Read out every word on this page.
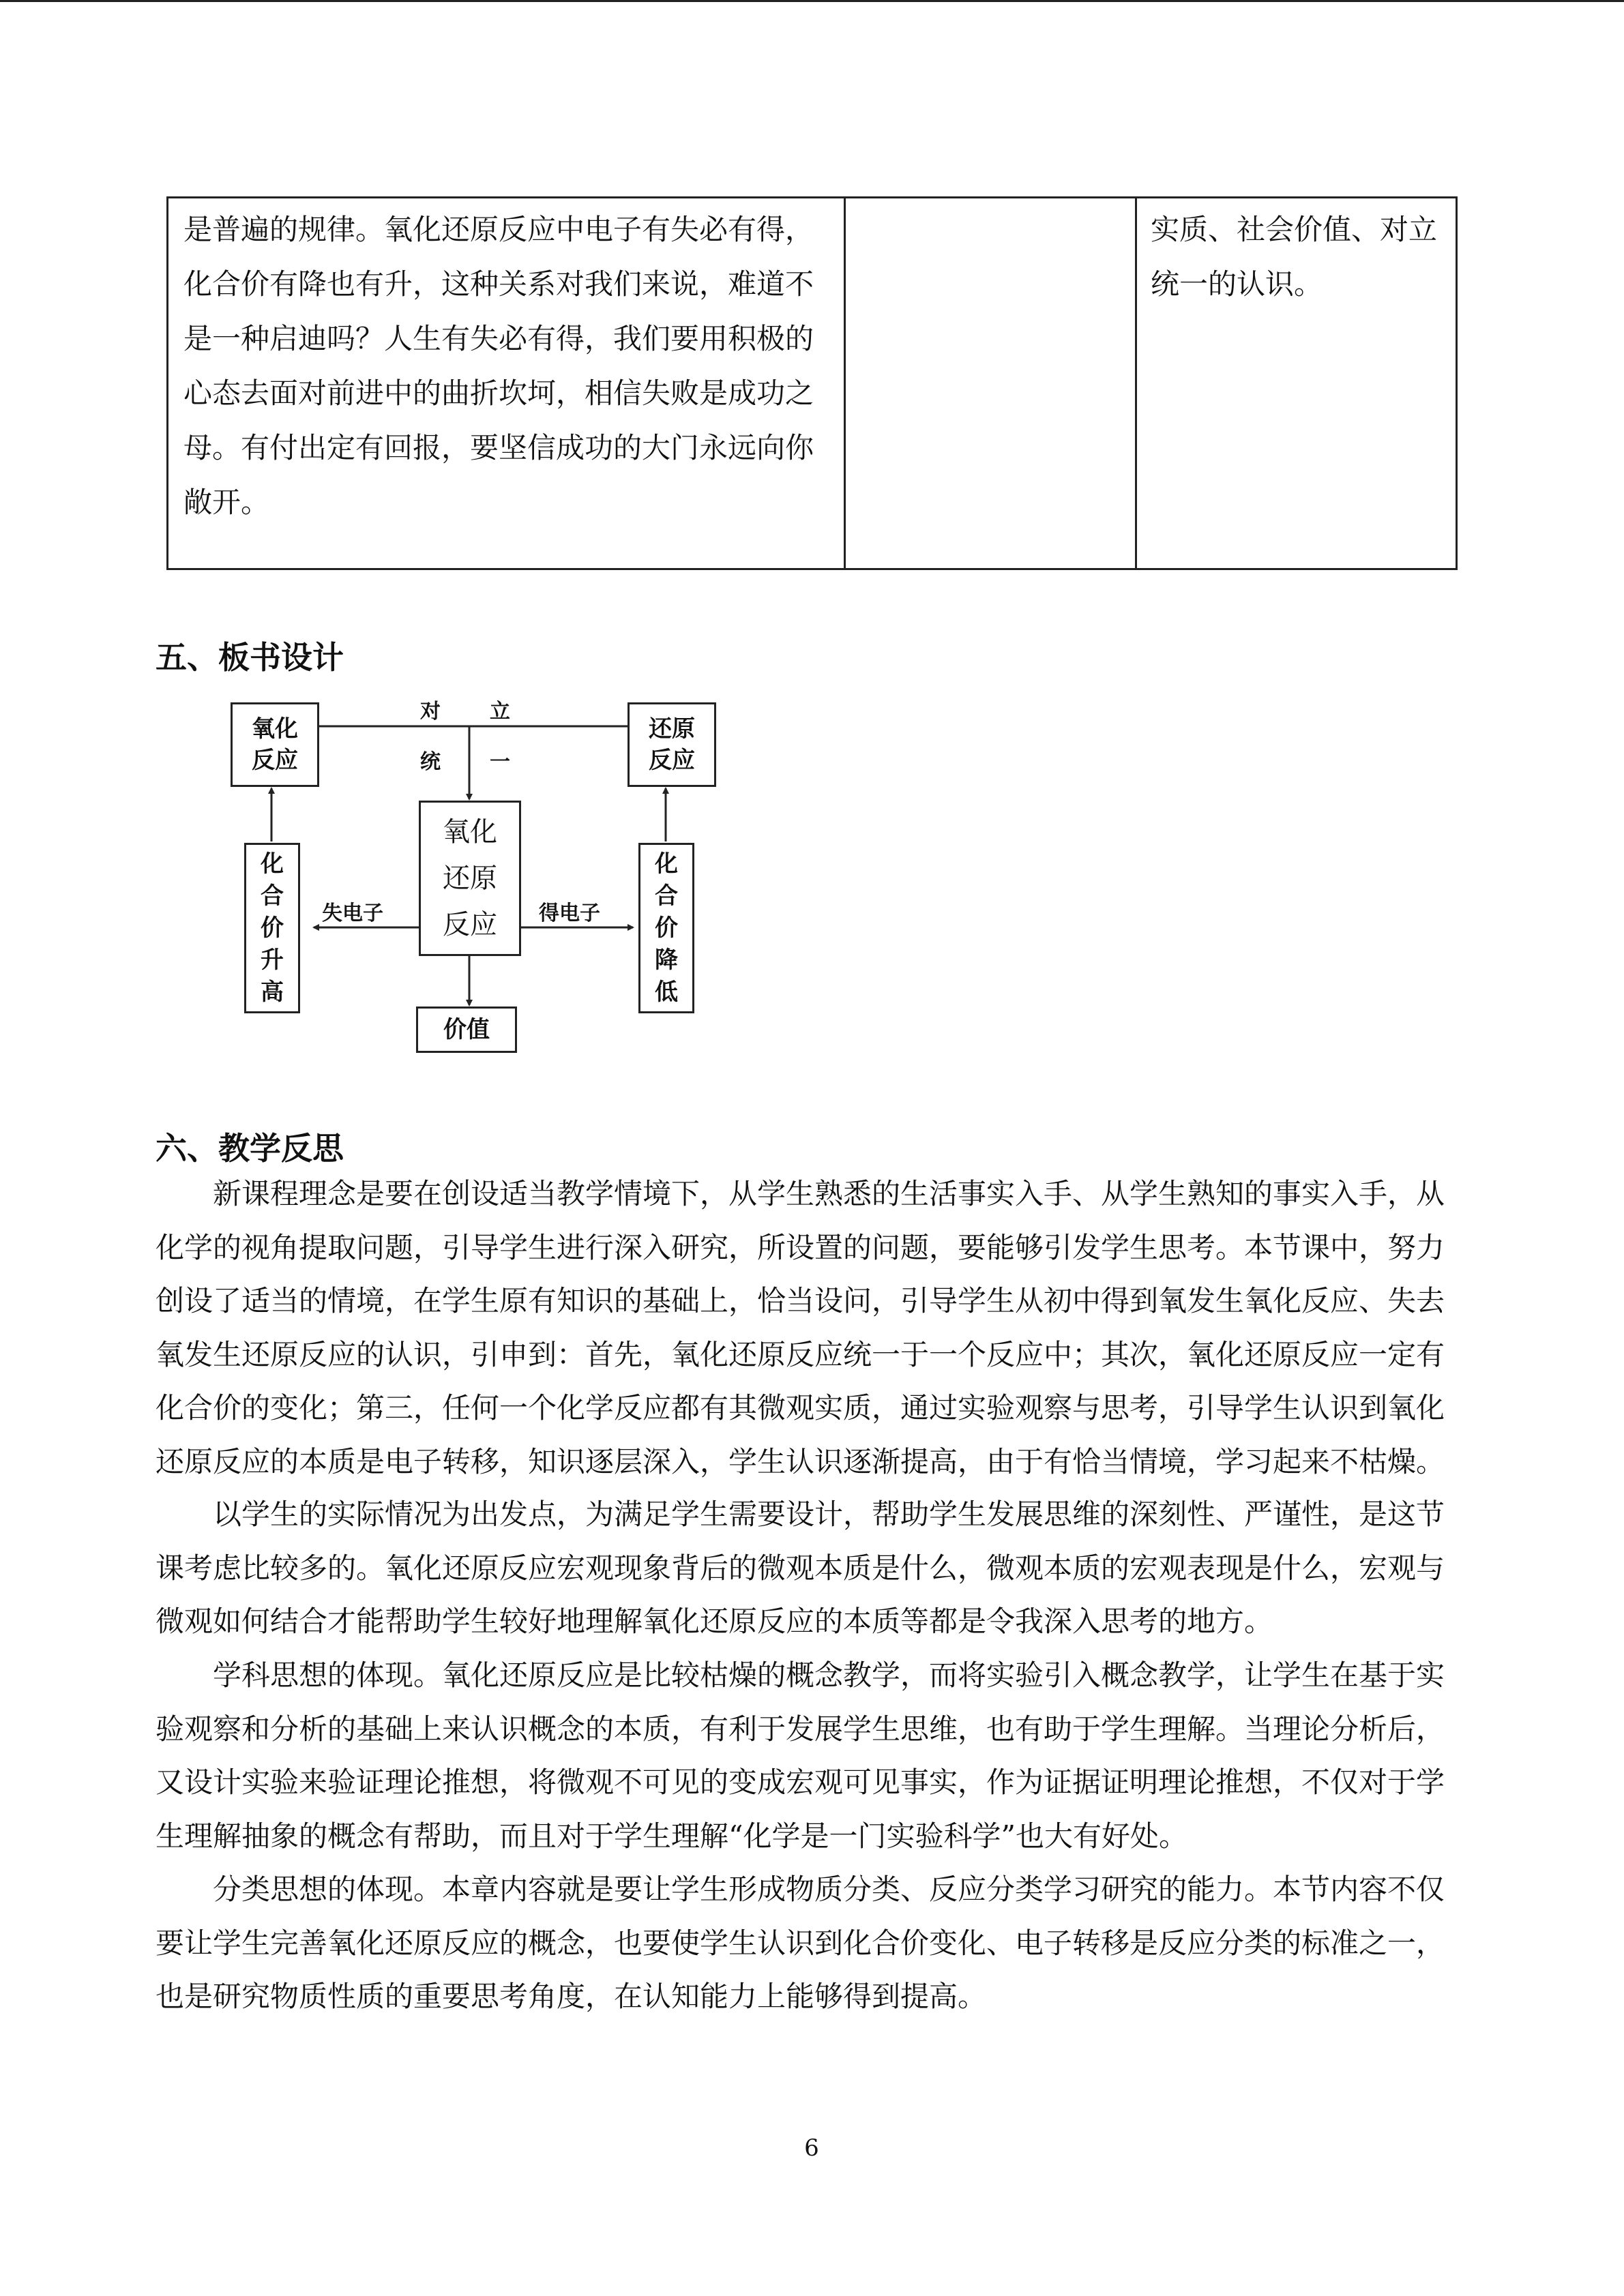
是普遍的规律。氧化还原反应中电子有失必有得，
化合价有降也有升，这种关系对我们来说，难道不
是一种启迪吗？人生有失必有得，我们要用积极的
心态去面对前进中的曲折坎坷，相信失败是成功之
母。有付出定有回报，要坚信成功的大门永远向你
敞开。
实质、社会价值、对立
统一的认识。
五、板书设计
氧化
反应
还原
反应
对 立
统 一
氧化
还原
反应
化
合
价
升
高
化
合
价
降
低
失电子	得电子
价值
六、教学反思
新课程理念是要在创设适当教学情境下，从学生熟悉的生活事实入手、从学生熟知的事实入手，从
化学的视角提取问题，引导学生进行深入研究，所设置的问题，要能够引发学生思考。本节课中，努力
创设了适当的情境，在学生原有知识的基础上，恰当设问，引导学生从初中得到氧发生氧化反应、失去
氧发生还原反应的认识，引申到：首先，氧化还原反应统一于一个反应中；其次，氧化还原反应一定有
化合价的变化；第三，任何一个化学反应都有其微观实质，通过实验观察与思考，引导学生认识到氧化
还原反应的本质是电子转移，知识逐层深入，学生认识逐渐提高，由于有恰当情境，学习起来不枯燥。
以学生的实际情况为出发点，为满足学生需要设计，帮助学生发展思维的深刻性、严谨性，是这节
课考虑比较多的。氧化还原反应宏观现象背后的微观本质是什么，微观本质的宏观表现是什么，宏观与
微观如何结合才能帮助学生较好地理解氧化还原反应的本质等都是令我深入思考的地方。
学科思想的体现。氧化还原反应是比较枯燥的概念教学，而将实验引入概念教学，让学生在基于实
验观察和分析的基础上来认识概念的本质，有利于发展学生思维，也有助于学生理解。当理论分析后，
又设计实验来验证理论推想，将微观不可见的变成宏观可见事实，作为证据证明理论推想，不仅对于学
生理解抽象的概念有帮助，而且对于学生理解“化学是一门实验科学”也大有好处。
分类思想的体现。本章内容就是要让学生形成物质分类、反应分类学习研究的能力。本节内容不仅
要让学生完善氧化还原反应的概念，也要使学生认识到化合价变化、电子转移是反应分类的标准之一，
也是研究物质性质的重要思考角度，在认知能力上能够得到提高。
6
